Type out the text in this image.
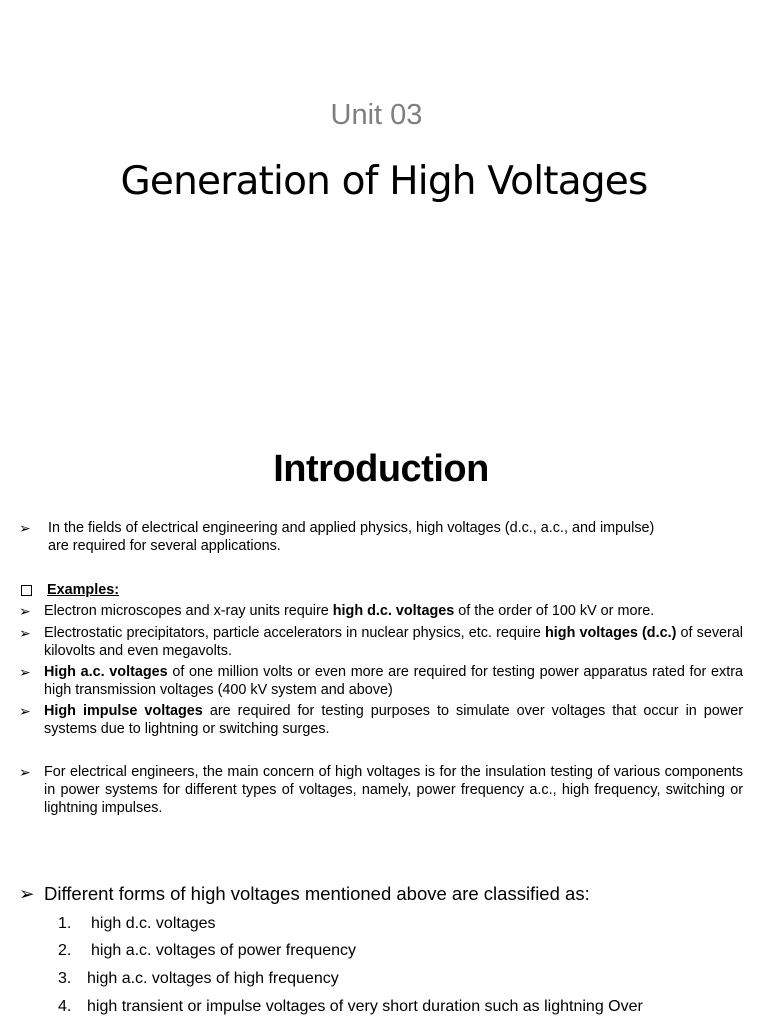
Unit 03
Generation of High Voltages
Introduction
➢	In the fields of electrical engineering and applied physics, high voltages (d.c., a.c., and impulse) are required for several applications.
Examples:
➢ Electron microscopes and x-ray units require high d.c. voltages of the order of 100 kV or more.
➢ Electrostatic precipitators, particle accelerators in nuclear physics, etc. require high voltages (d.c.) of several kilovolts and even megavolts.
➢ High a.c. voltages of one million volts or even more are required for testing power apparatus rated for extra high transmission voltages (400 kV system and above)
➢ High impulse voltages are required for testing purposes to simulate over voltages that occur in power systems due to lightning or switching surges.
➢ For electrical engineers, the main concern of high voltages is for the insulation testing of various components in power systems for different types of voltages, namely, power frequency a.c., high frequency, switching or lightning impulses.
➢ Different forms of high voltages mentioned above are classified as:
1.	high d.c. voltages
2.	high a.c. voltages of power frequency
3. high a.c. voltages of high frequency
4. high transient or impulse voltages of very short duration such as lightning Over
